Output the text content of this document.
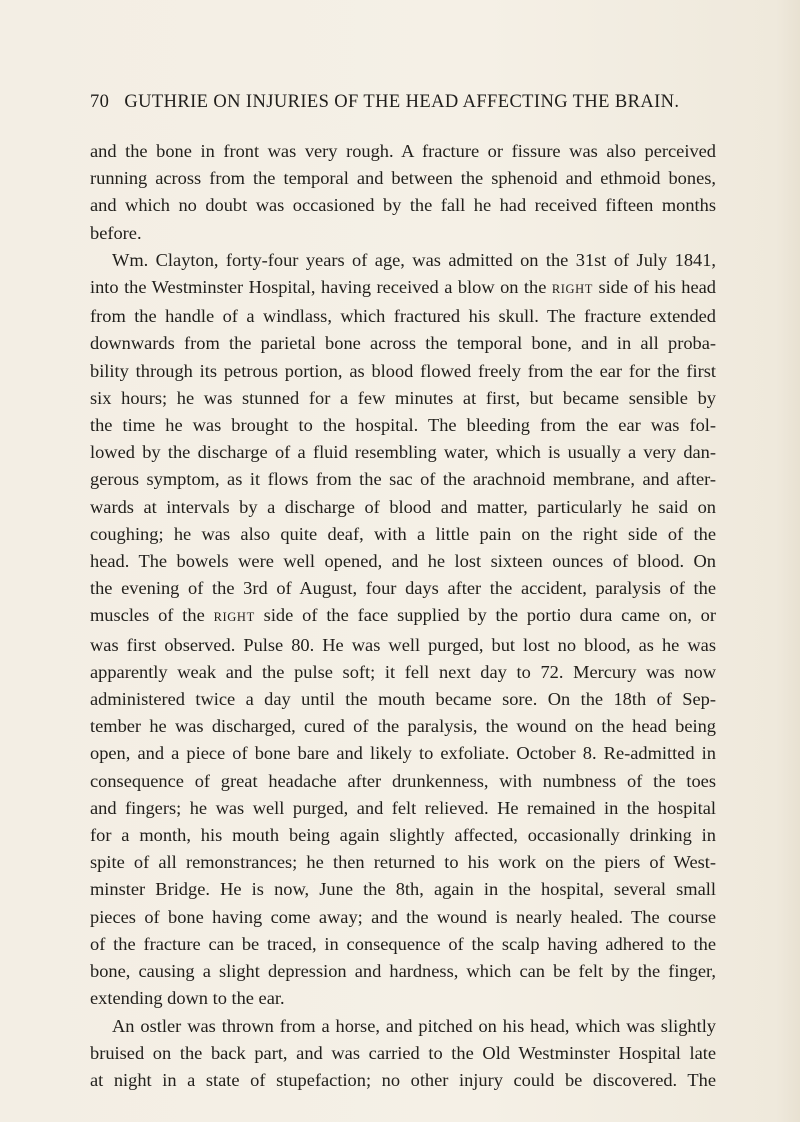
70 GUTHRIE ON INJURIES OF THE HEAD AFFECTING THE BRAIN.
and the bone in front was very rough. A fracture or fissure was also perceived
running across from the temporal and between the sphenoid and ethmoid bones,
and which no doubt was occasioned by the fall he had received fifteen months
before.
Wm. Clayton, forty-four years of age, was admitted on the 31st of July 1841,
into the Westminster Hospital, having received a blow on the RIGHT side of his head
from the handle of a windlass, which fractured his skull. The fracture extended
downwards from the parietal bone across the temporal bone, and in all proba-
bility through its petrous portion, as blood flowed freely from the ear for the first
six hours; he was stunned for a few minutes at first, but became sensible by
the time he was brought to the hospital. The bleeding from the ear was fol-
lowed by the discharge of a fluid resembling water, which is usually a very dan-
gerous symptom, as it flows from the sac of the arachnoid membrane, and after-
wards at intervals by a discharge of blood and matter, particularly he said on
coughing; he was also quite deaf, with a little pain on the right side of the
head. The bowels were well opened, and he lost sixteen ounces of blood. On
the evening of the 3rd of August, four days after the accident, paralysis of the
muscles of the RIGHT side of the face supplied by the portio dura came on, or
was first observed. Pulse 80. He was well purged, but lost no blood, as he was
apparently weak and the pulse soft; it fell next day to 72. Mercury was now
administered twice a day until the mouth became sore. On the 18th of Sep-
tember he was discharged, cured of the paralysis, the wound on the head being
open, and a piece of bone bare and likely to exfoliate. October 8. Re-admitted in
consequence of great headache after drunkenness, with numbness of the toes
and fingers; he was well purged, and felt relieved. He remained in the hospital
for a month, his mouth being again slightly affected, occasionally drinking in
spite of all remonstrances; he then returned to his work on the piers of West-
minster Bridge. He is now, June the 8th, again in the hospital, several small
pieces of bone having come away; and the wound is nearly healed. The course
of the fracture can be traced, in consequence of the scalp having adhered to the
bone, causing a slight depression and hardness, which can be felt by the finger,
extending down to the ear.
An ostler was thrown from a horse, and pitched on his head, which was slightly
bruised on the back part, and was carried to the Old Westminster Hospital late
at night in a state of stupefaction; no other injury could be discovered. The
